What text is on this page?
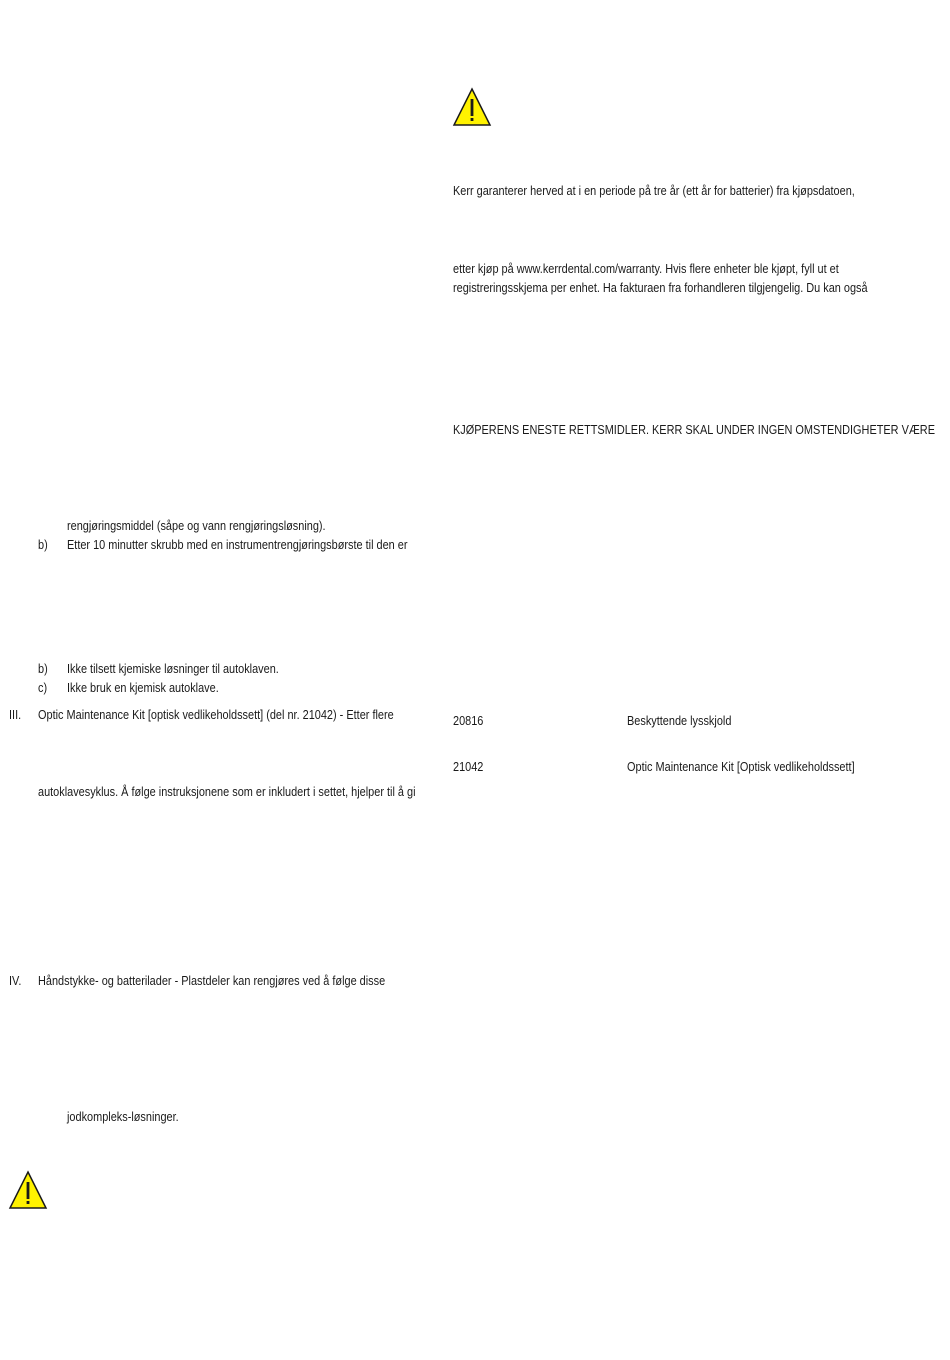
Kerr garanterer herved at i en periode på tre år (ett år for batterier) fra kjøpsdatoen,
etter kjøp på www.kerrdental.com/warranty. Hvis flere enheter ble kjøpt, fyll ut et
registreringsskjema per enhet. Ha fakturaen fra forhandleren tilgjengelig. Du kan også
KJØPERENS ENESTE RETTSMIDLER. KERR SKAL UNDER INGEN OMSTENDIGHETER VÆRE
20816	Beskyttende lysskjold
21042	Optic Maintenance Kit [Optisk vedlikeholdssett]
rengjøringsmiddel (såpe og vann rengjøringsløsning).
b) Etter 10 minutter skrubb med en instrumentrengjøringsbørste til den er
b) Ikke tilsett kjemiske løsninger til autoklaven.
c) Ikke bruk en kjemisk autoklave.
III. Optic Maintenance Kit [optisk vedlikeholdssett] (del nr. 21042) - Etter flere
autoklavesyklus. Å følge instruksjonene som er inkludert i settet, hjelper til å gi
IV. Håndstykke- og batterilader - Plastdeler kan rengjøres ved å følge disse
jodkompleks-løsninger.
